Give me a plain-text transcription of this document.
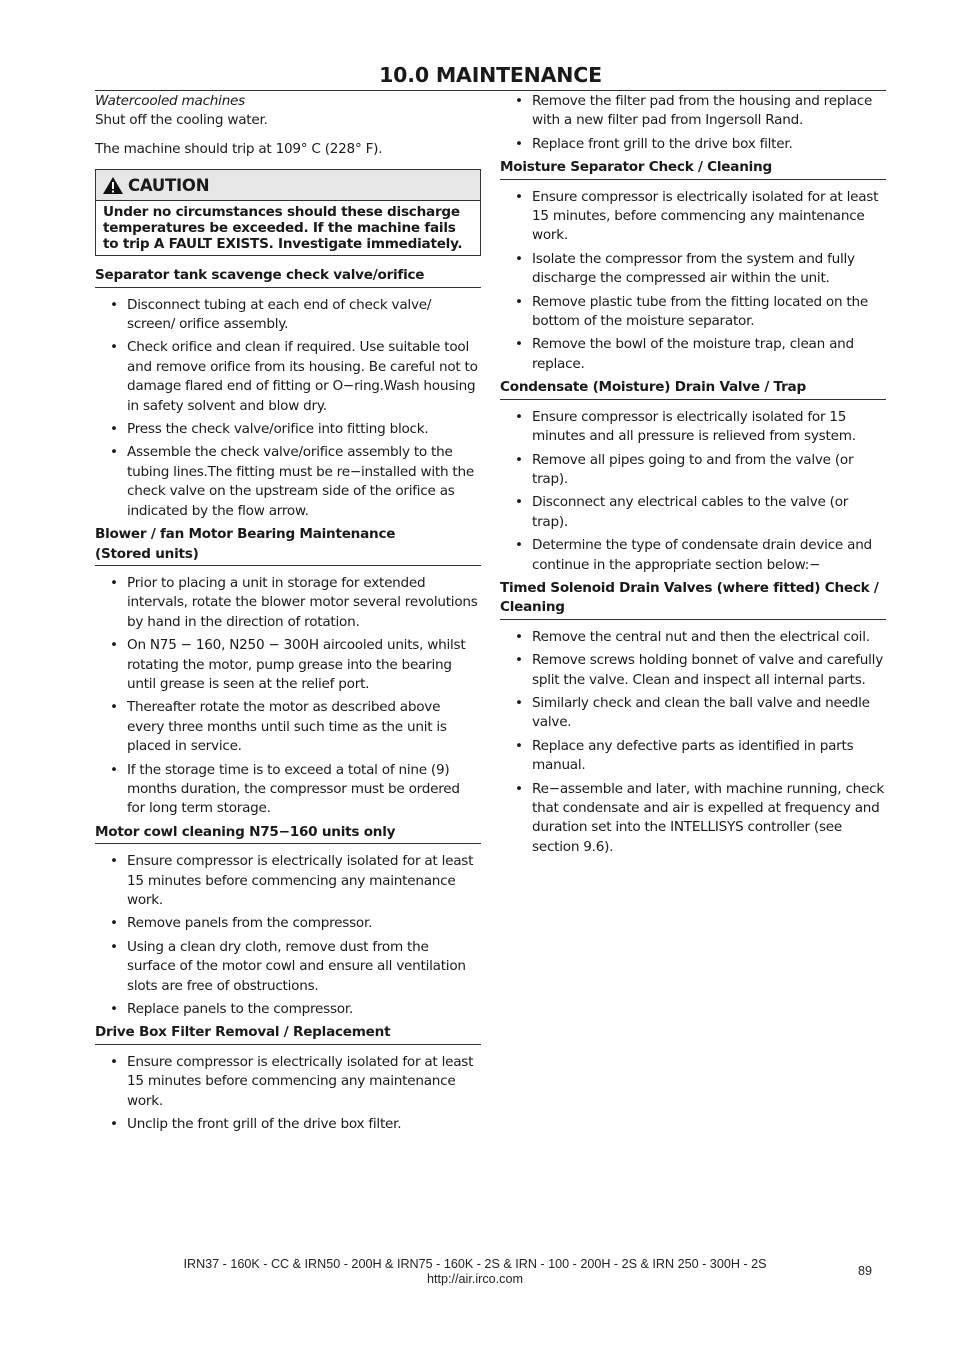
10.0 MAINTENANCE

Watercooled machines

Shut off the cooling water.

The machine should trip at 109° C (228° F).

CAUTION
Under no circumstances should these discharge temperatures be exceeded. If the machine fails to trip A FAULT EXISTS. Investigate immediately.
Separator tank scavenge check valve/orifice
• Disconnect tubing at each end of check valve/ screen/ orifice assembly.
• Check orifice and clean if required. Use suitable tool and remove orifice from its housing. Be careful not to damage flared end of fitting or O−ring.Wash housing in safety solvent and blow dry.
• Press the check valve/orifice into fitting block.
• Assemble the check valve/orifice assembly to the tubing lines.The fitting must be re−installed with the check valve on the upstream side of the orifice as indicated by the flow arrow.
Blower / fan Motor Bearing Maintenance
(Stored units)
• Prior to placing a unit in storage for extended intervals, rotate the blower motor several revolutions by hand in the direction of rotation.
• On N75 − 160, N250 − 300H aircooled units, whilst rotating the motor, pump grease into the bearing until grease is seen at the relief port.
• Thereafter rotate the motor as described above every three months until such time as the unit is placed in service.
• If the storage time is to exceed a total of nine (9) months duration, the compressor must be ordered for long term storage.
Motor cowl cleaning N75−160 units only
• Ensure compressor is electrically isolated for at least 15 minutes before commencing any maintenance work.
• Remove panels from the compressor.
• Using a clean dry cloth, remove dust from the surface of the motor cowl and ensure all ventilation slots are free of obstructions.
• Replace panels to the compressor.
Drive Box Filter Removal / Replacement
• Ensure compressor is electrically isolated for at least 15 minutes before commencing any maintenance work.
• Unclip the front grill of the drive box filter.
• Remove the filter pad from the housing and replace with a new filter pad from Ingersoll Rand.
• Replace front grill to the drive box filter.
Moisture Separator Check / Cleaning
• Ensure compressor is electrically isolated for at least 15 minutes, before commencing any maintenance work.
• Isolate the compressor from the system and fully discharge the compressed air within the unit.
• Remove plastic tube from the fitting located on the bottom of the moisture separator.
• Remove the bowl of the moisture trap, clean and replace.
Condensate (Moisture) Drain Valve / Trap
• Ensure compressor is electrically isolated for 15 minutes and all pressure is relieved from system.
• Remove all pipes going to and from the valve (or trap).
• Disconnect any electrical cables to the valve (or trap).
• Determine the type of condensate drain device and continue in the appropriate section below:−
Timed Solenoid Drain Valves (where fitted) Check / Cleaning
• Remove the central nut and then the electrical coil.
• Remove screws holding bonnet of valve and carefully split the valve. Clean and inspect all internal parts.
• Similarly check and clean the ball valve and needle valve.
• Replace any defective parts as identified in parts manual.
• Re−assemble and later, with machine running, check that condensate and air is expelled at frequency and duration set into the INTELLISYS controller (see section 9.6).
IRN37 - 160K - CC & IRN50 - 200H & IRN75 - 160K - 2S & IRN - 100 - 200H - 2S & IRN 250 - 300H - 2S
http://air.irco.com
89
